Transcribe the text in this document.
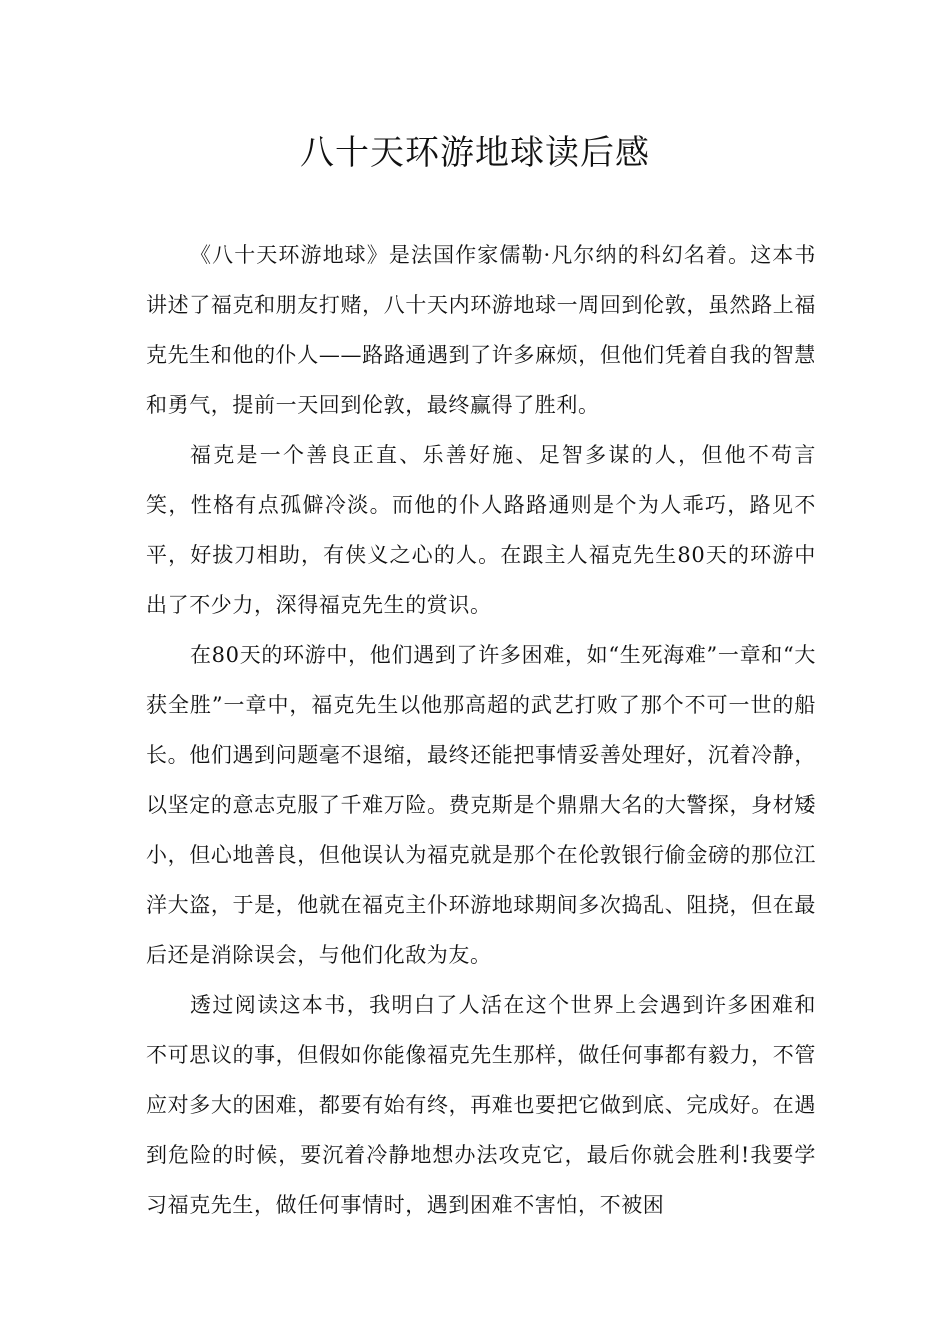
八十天环游地球读后感

《八十天环游地球》是法国作家儒勒·凡尔纳的科幻名着。这本书讲述了福克和朋友打赌，八十天内环游地球一周回到伦敦，虽然路上福克先生和他的仆人——路路通遇到了许多麻烦，但他们凭着自我的智慧和勇气，提前一天回到伦敦，最终赢得了胜利。

福克是一个善良正直、乐善好施、足智多谋的人，但他不苟言笑，性格有点孤僻冷淡。而他的仆人路路通则是个为人乖巧，路见不平，好拔刀相助，有侠义之心的人。在跟主人福克先生80天的环游中出了不少力，深得福克先生的赏识。

在80天的环游中，他们遇到了许多困难，如“生死海难”一章和“大获全胜”一章中，福克先生以他那高超的武艺打败了那个不可一世的船长。他们遇到问题毫不退缩，最终还能把事情妥善处理好，沉着冷静，以坚定的意志克服了千难万险。费克斯是个鼎鼎大名的大警探，身材矮小，但心地善良，但他误认为福克就是那个在伦敦银行偷金磅的那位江洋大盗，于是，他就在福克主仆环游地球期间多次捣乱、阻挠，但在最后还是消除误会，与他们化敌为友。

透过阅读这本书，我明白了人活在这个世界上会遇到许多困难和不可思议的事，但假如你能像福克先生那样，做任何事都有毅力，不管应对多大的困难，都要有始有终，再难也要把它做到底、完成好。在遇到危险的时候，要沉着冷静地想办法攻克它，最后你就会胜利!我要学习福克先生，做任何事情时，遇到困难不害怕，不被困
